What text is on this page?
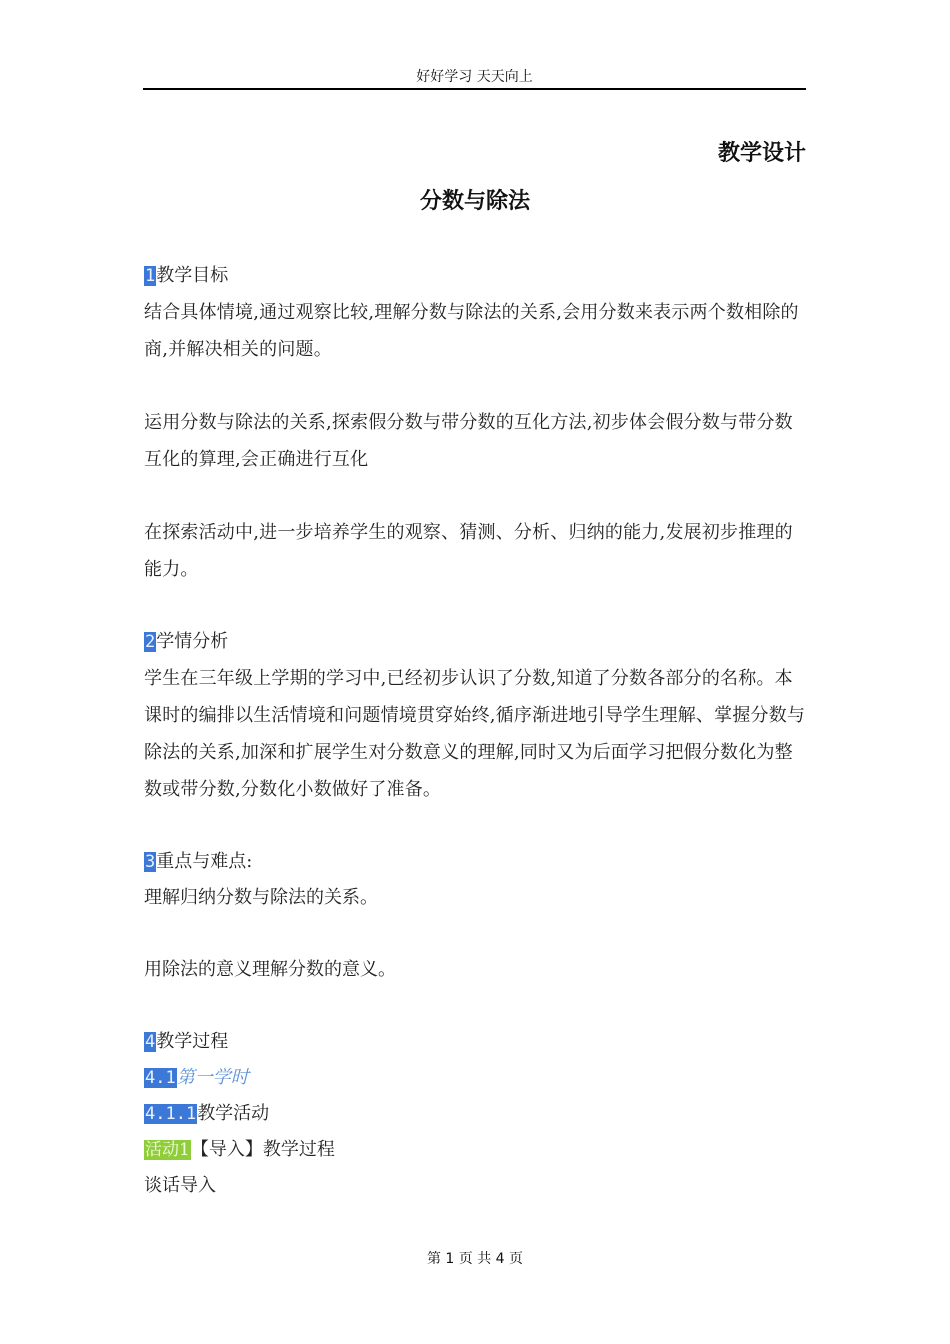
好好学习 天天向上
教学设计
分数与除法
1教学目标
结合具体情境,通过观察比较,理解分数与除法的关系,会用分数来表示两个数相除的商,并解决相关的问题。
运用分数与除法的关系,探索假分数与带分数的互化方法,初步体会假分数与带分数互化的算理,会正确进行互化
在探索活动中,进一步培养学生的观察、猜测、分析、归纳的能力,发展初步推理的能力。
2学情分析
学生在三年级上学期的学习中,已经初步认识了分数,知道了分数各部分的名称。本课时的编排以生活情境和问题情境贯穿始终,循序渐进地引导学生理解、掌握分数与除法的关系,加深和扩展学生对分数意义的理解,同时又为后面学习把假分数化为整数或带分数,分数化小数做好了准备。
3重点与难点:
理解归纳分数与除法的关系。
用除法的意义理解分数的意义。
4教学过程
4.1第一学时
4.1.1教学活动
活动1【导入】教学过程
谈话导入
第 1 页 共 4 页
